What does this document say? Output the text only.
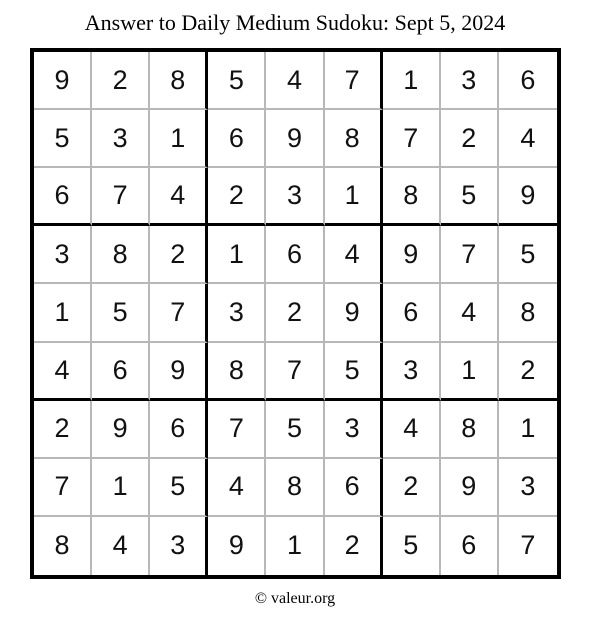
Answer to Daily Medium Sudoku: Sept 5, 2024
9	2	8	5	4	7	1	3	6
5	3	1	6	9	8	7	2	4
6	7	4	2	3	1	8	5	9
3	8	2	1	6	4	9	7	5
1	5	7	3	2	9	6	4	8
4	6	9	8	7	5	3	1	2
2	9	6	7	5	3	4	8	1
7	1	5	4	8	6	2	9	3
8	4	3	9	1	2	5	6	7
© valeur.org
